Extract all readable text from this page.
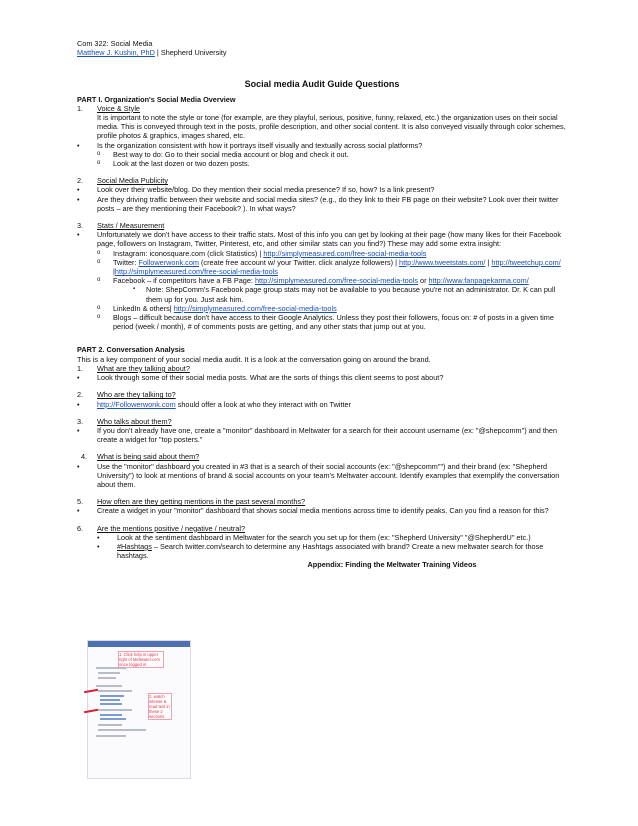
Com 322: Social Media
Matthew J. Kushin, PhD | Shepherd University
Social media Audit Guide Questions
PART I. Organization's Social Media Overview
1.	Voice & Style
It is important to note the style or tone (for example, are they playful, serious, positive, funny, relaxed, etc.) the organization uses on their social media. This is conveyed through text in the posts, profile description, and other social content. It is also conveyed visually through color schemes, profile photos & graphics, images shared, etc.
•	Is the organization consistent with how it portrays itself visually and textually across social platforms?
o	Best way to do: Go to their social media account or blog and check it out.
o	Look at the last dozen or two dozen posts.
2.	Social Media Publicity
•	Look over their website/blog. Do they mention their social media presence? If so, how? Is a link present?
•	Are they driving traffic between their website and social media sites? (e.g., do they link to their FB page on their website? Look over their twitter posts – are they mentioning their Facebook? ). In what ways?
3.	Stats / Measurement
•	Unfortunately we don't have access to their traffic stats. Most of this info you can get by looking at their page (how many likes for their Facebook page, followers on Instagram, Twitter, Pinterest, etc, and other similar stats can you find?) These may add some extra insight:
o	Instagram: iconosquare.com (click Statistics) | http://simplymeasured.com/free-social-media-tools
o	Twitter: Followerwonk.com (create free account w/ your Twitter. click analyze followers) | http://www.tweetstats.com/ | http://tweetchup.com/ |http://simplymeasured.com/free-social-media-tools
o	Facebook – if competitors have a FB Page: http://simplymeasured.com/free-social-media-tools or http://www.fanpagekarma.com/
▪	Note: ShepComm's Facebook page group stats may not be available to you because you're not an administrator. Dr. K can pull them up for you. Just ask him.
o	LinkedIn & others| http://simplymeasured.com/free-social-media-tools
o	Blogs – difficult because don't have access to their Google Analytics. Unless they post their followers, focus on: # of posts in a given time period (week / month), # of comments posts are getting, and any other stats that jump out at you.
PART 2. Conversation Analysis
This is a key component of your social media audit. It is a look at the conversation going on around the brand.
1.	What are they talking about?
•	Look through some of their social media posts. What are the sorts of things this client seems to post about?
2.	Who are they talking to?
•	http://Followerwonk.com should offer a look at who they interact with on Twitter
3.	Who talks about them?
•	If you don't already have one, create a "monitor" dashboard in Meltwater for a search for their account username (ex: "@shepcomm") and then create a widget for "top posters."
4.	What is being said about them?
•	Use the "monitor" dashboard you created in #3 that is a search of their social accounts (ex: "@shepcomm"") and their brand (ex: "Shepherd University") to look at mentions of brand & social accounts on your team's Meltwater account. Identify examples that exemplify the conversation about them.
5.	How often are they getting mentions in the past several months?
•	Create a widget in your "monitor" dashboard that shows social media mentions across time to identify peaks. Can you find a reason for this?
6.	Are the mentions positive / negative / neutral?
•	Look at the sentiment dashboard in Meltwater for the search you set up for them (ex: "Shepherd University" "@ShepherdU" etc.)
•	#Hashtags – Search twitter.com/search to determine any Hashtags associated with brand? Create a new meltwater search for those hashtags.
Appendix: Finding the Meltwater Training Videos
1. Click help in upper right of Meltwater.com once logged in
2. watch intense & read text in these 2 sections
